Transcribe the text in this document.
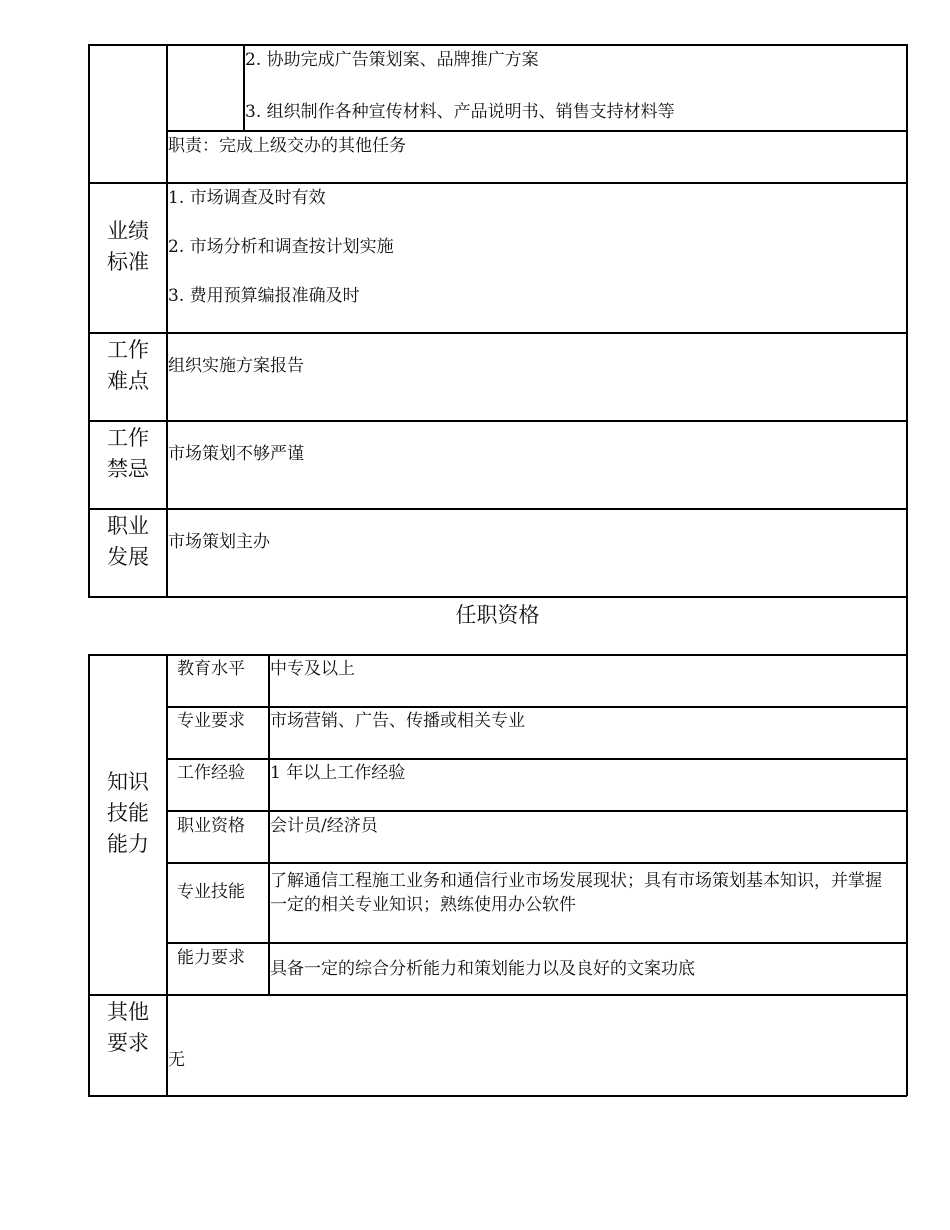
2. 协助完成广告策划案、品牌推广方案
3. 组织制作各种宣传材料、产品说明书、销售支持材料等
职责：完成上级交办的其他任务
业绩
标准
1. 市场调查及时有效
2. 市场分析和调查按计划实施
3. 费用预算编报准确及时
工作
难点
组织实施方案报告
工作
禁忌
市场策划不够严谨
职业
发展
市场策划主办
任职资格
知识
技能
能力
教育水平 中专及以上
专业要求 市场营销、广告、传播或相关专业
工作经验 1 年以上工作经验
职业资格 会计员/经济员
专业技能
了解通信工程施工业务和通信行业市场发展现状；具有市场策划基本知识，并掌握一定的相关专业知识；熟练使用办公软件
能力要求
具备一定的综合分析能力和策划能力以及良好的文案功底
其他
要求
无
